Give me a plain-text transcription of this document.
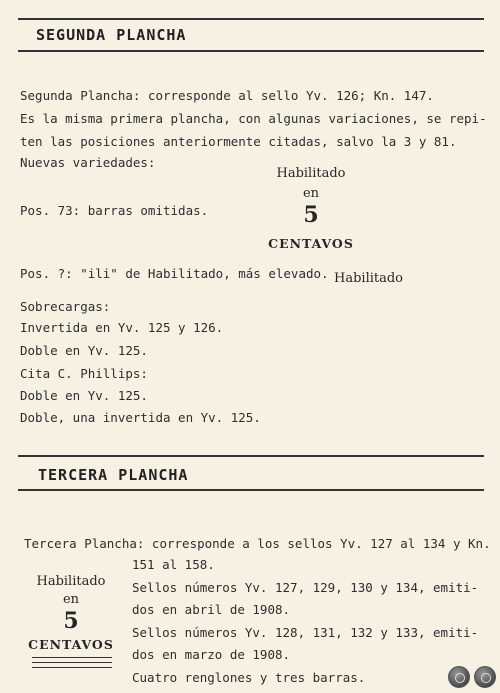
SEGUNDA PLANCHA
Segunda Plancha: corresponde al sello Yv. 126; Kn. 147.
Es la misma primera plancha, con algunas variaciones, se repi-
ten las posiciones anteriormente citadas, salvo la 3 y 81.
Nuevas variedades:
Habilitado
en
5
CENTAVOS
Pos. 73: barras omitidas.
Pos. ?: "ili" de Habilitado, más elevado. Habilitado
Sobrecargas:
Invertida en Yv. 125 y 126.
Doble en Yv. 125.
Cita C. Phillips:
Doble en Yv. 125.
Doble, una invertida en Yv. 125.
TERCERA PLANCHA
Tercera Plancha: corresponde a los sellos Yv. 127 al 134 y Kn.
151 al 158.
Habilitado
en
5
CENTAVOS
Sellos números Yv. 127, 129, 130 y 134, emiti-
dos en abril de 1908.
Sellos números Yv. 128, 131, 132 y 133, emiti-
dos en marzo de 1908.
Cuatro renglones y tres barras.
